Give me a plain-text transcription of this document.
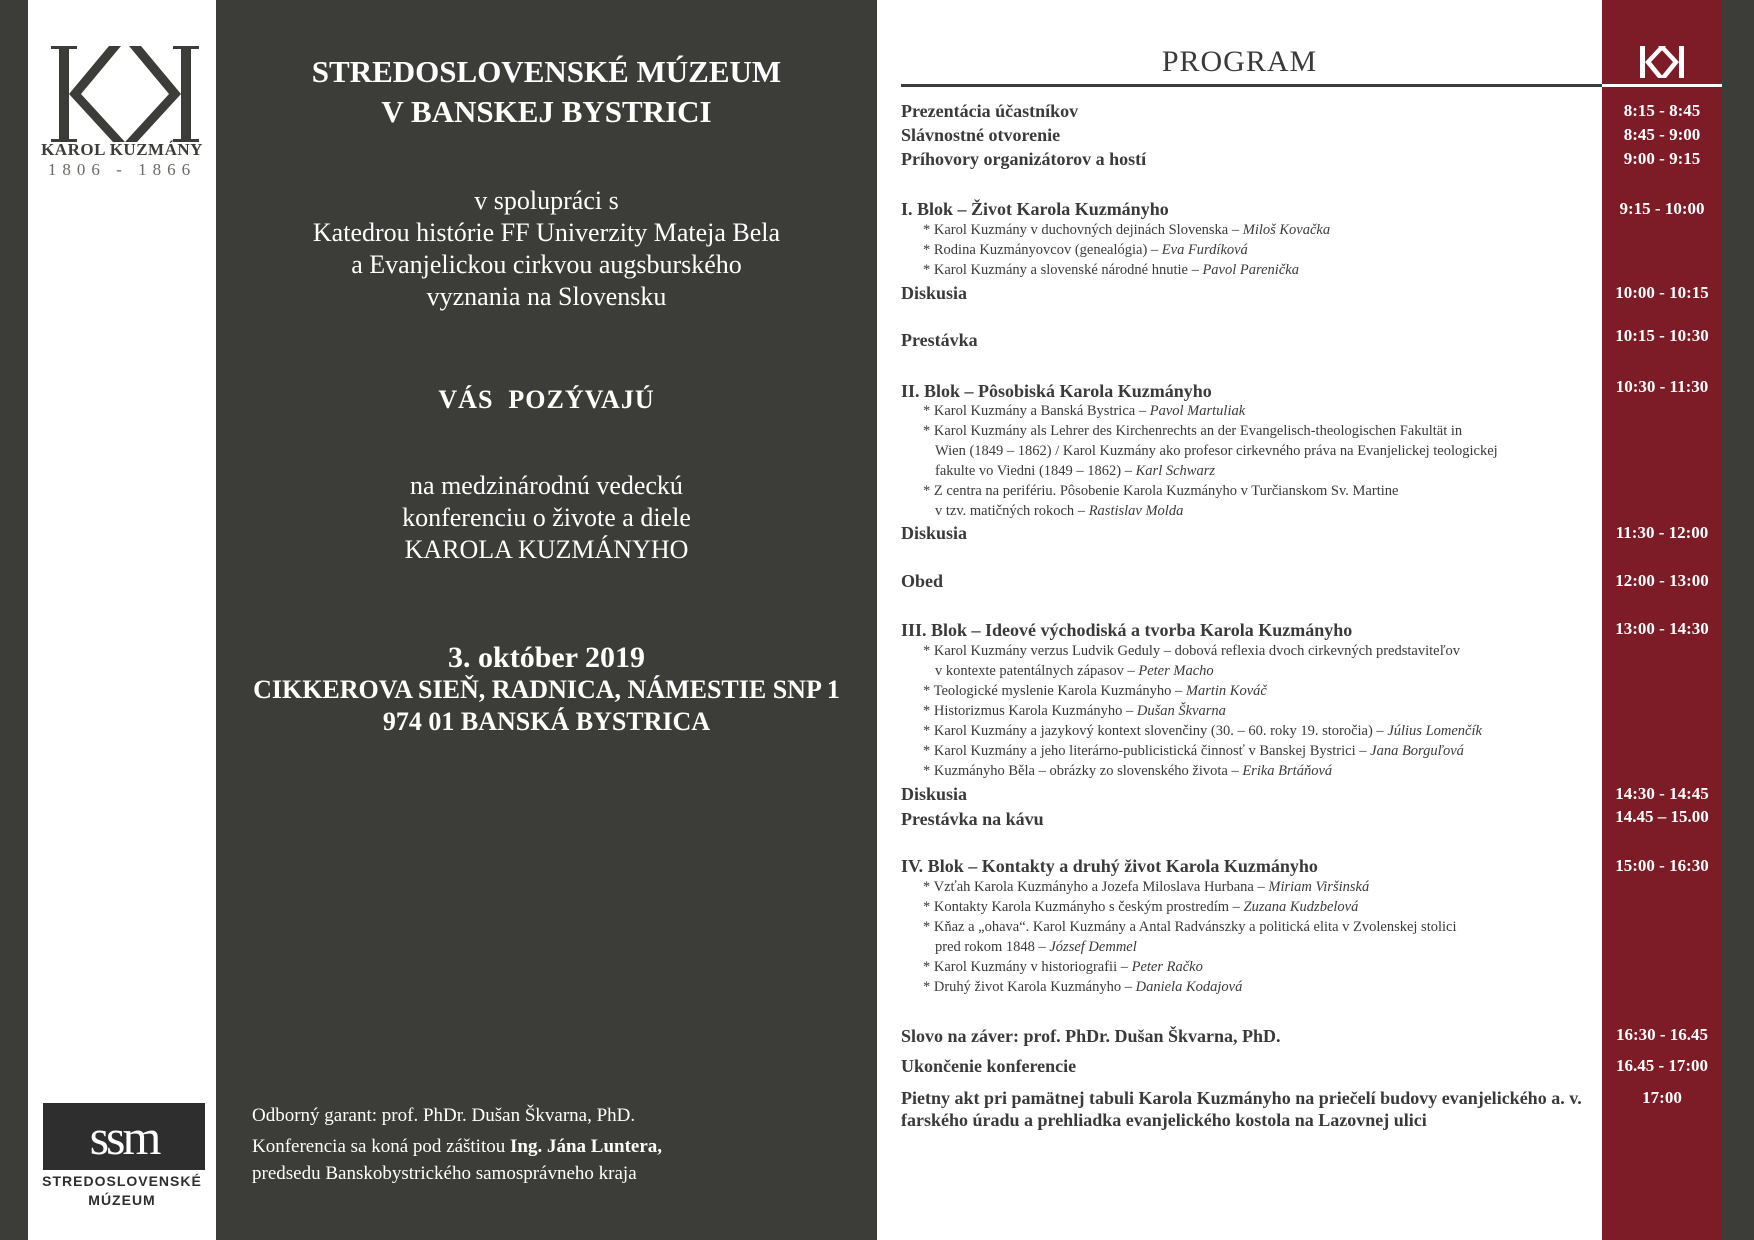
KAROL KUZMÁNY
1806 - 1866
ssm
STREDOSLOVENSKÉ
MÚZEUM
STREDOSLOVENSKÉ MÚZEUM
V BANSKEJ BYSTRICI
v spolupráci s
Katedrou histórie FF Univerzity Mateja Bela
a Evanjelickou cirkvou augsburského
vyznania na Slovensku
VÁS  POZÝVAJÚ
na medzinárodnú vedeckú
konferenciu o živote a diele
KAROLA KUZMÁNYHO
3. október 2019
CIKKEROVA SIEŇ, RADNICA, NÁMESTIE SNP 1
974 01 BANSKÁ BYSTRICA
Odborný garant: prof. PhDr. Dušan Škvarna, PhD.
Konferencia sa koná pod záštitou Ing. Jána Luntera,
predsedu Banskobystrického samosprávneho kraja
PROGRAM
Prezentácia účastníkov
Slávnostné otvorenie
Príhovory organizátorov a hostí
I. Blok – Život Karola Kuzmányho
* Karol Kuzmány v duchovných dejinách Slovenska – Miloš Kovačka
* Rodina Kuzmányovcov (genealógia) – Eva Furdíková
* Karol Kuzmány a slovenské národné hnutie – Pavol Parenička
Diskusia
Prestávka
II. Blok – Pôsobiská Karola Kuzmányho
* Karol Kuzmány a Banská Bystrica – Pavol Martuliak
* Karol Kuzmány als Lehrer des Kirchenrechts an der Evangelisch-theologischen Fakultät in
Wien (1849 – 1862) / Karol Kuzmány ako profesor cirkevného práva na Evanjelickej teologickej
fakulte vo Viedni (1849 – 1862) – Karl Schwarz
* Z centra na perifériu. Pôsobenie Karola Kuzmányho v Turčianskom Sv. Martine
v tzv. matičných rokoch – Rastislav Molda
Diskusia
Obed
III. Blok – Ideové východiská a tvorba Karola Kuzmányho
* Karol Kuzmány verzus Ludvik Geduly – dobová reflexia dvoch cirkevných predstaviteľov
v kontexte patentálnych zápasov – Peter Macho
* Teologické myslenie Karola Kuzmányho – Martin Kováč
* Historizmus Karola Kuzmányho – Dušan Škvarna
* Karol Kuzmány a jazykový kontext slovenčiny (30. – 60. roky 19. storočia) – Július Lomenčík
* Karol Kuzmány a jeho literárno-publicistická činnosť v Banskej Bystrici – Jana Borguľová
* Kuzmányho Běla – obrázky zo slovenského života – Erika Brtáňová
Diskusia
Prestávka na kávu
IV. Blok – Kontakty a druhý život Karola Kuzmányho
* Vzťah Karola Kuzmányho a Jozefa Miloslava Hurbana – Miriam Viršinská
* Kontakty Karola Kuzmányho s českým prostredím – Zuzana Kudzbelová
* Kňaz a „ohava“. Karol Kuzmány a Antal Radvánszky a politická elita v Zvolenskej stolici
pred rokom 1848 – József Demmel
* Karol Kuzmány v historiografii – Peter Račko
* Druhý život Karola Kuzmányho – Daniela Kodajová
Slovo na záver: prof. PhDr. Dušan Škvarna, PhD.
Ukončenie konferencie
Pietny akt pri pamätnej tabuli Karola Kuzmányho na priečelí budovy evanjelického a. v. farského úradu a prehliadka evanjelického kostola na Lazovnej ulici
8:15 - 8:45
8:45 - 9:00
9:00 - 9:15
9:15 - 10:00
10:00 - 10:15
10:15 - 10:30
10:30 - 11:30
11:30 - 12:00
12:00 - 13:00
13:00 - 14:30
14:30 - 14:45
14.45 – 15.00
15:00 - 16:30
16:30 - 16.45
16.45 - 17:00
17:00
